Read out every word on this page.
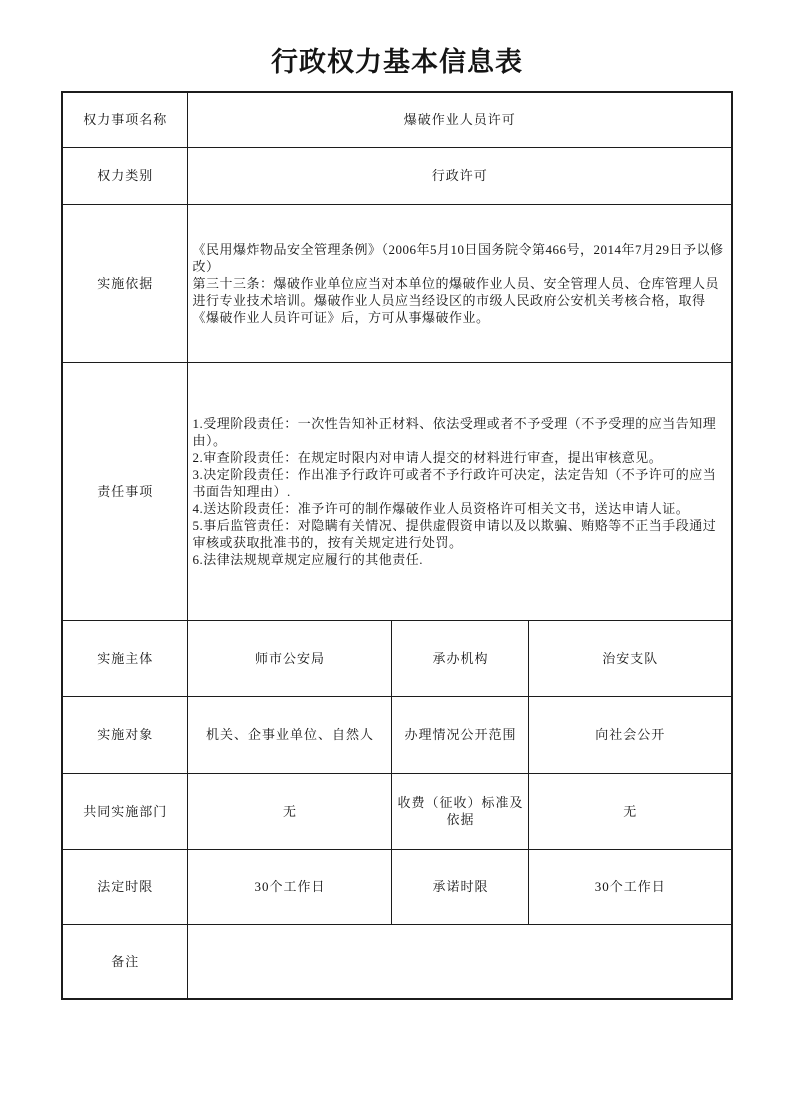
行政权力基本信息表
权力事项名称	爆破作业人员许可		
权力类别	行政许可		
实施依据	《民用爆炸物品安全管理条例》（2006年5月10日国务院令第466号，2014年7月29日予以修改）

第三十三条：爆破作业单位应当对本单位的爆破作业人员、安全管理人员、仓库管理人员进行专业技术培训。爆破作业人员应当经设区的市级人民政府公安机关考核合格，取得《爆破作业人员许可证》后，方可从事爆破作业。		

责任事项	

1.受理阶段责任：一次性告知补正材料、依法受理或者不予受理（不予受理的应当告知理由）。

2.审查阶段责任：在规定时限内对申请人提交的材料进行审查，提出审核意见。

3.决定阶段责任：作出准予行政许可或者不予行政许可决定，法定告知（不予许可的应当书面告知理由）.

4.送达阶段责任：准予许可的制作爆破作业人员资格许可相关文书，送达申请人证。

5.事后监管责任：对隐瞒有关情况、提供虚假资申请以及以欺骗、贿赂等不正当手段通过审核或获取批准书的，按有关规定进行处罚。

6.法律法规规章规定应履行的其他责任.

实施主体	师市公安局	承办机构	治安支队
实施对象	机关、企事业单位、自然人	办理情况公开范围	向社会公开
共同实施部门	无	收费（征收）标准及依据	无
法定时限	30个工作日	承诺时限	30个工作日
备注			
